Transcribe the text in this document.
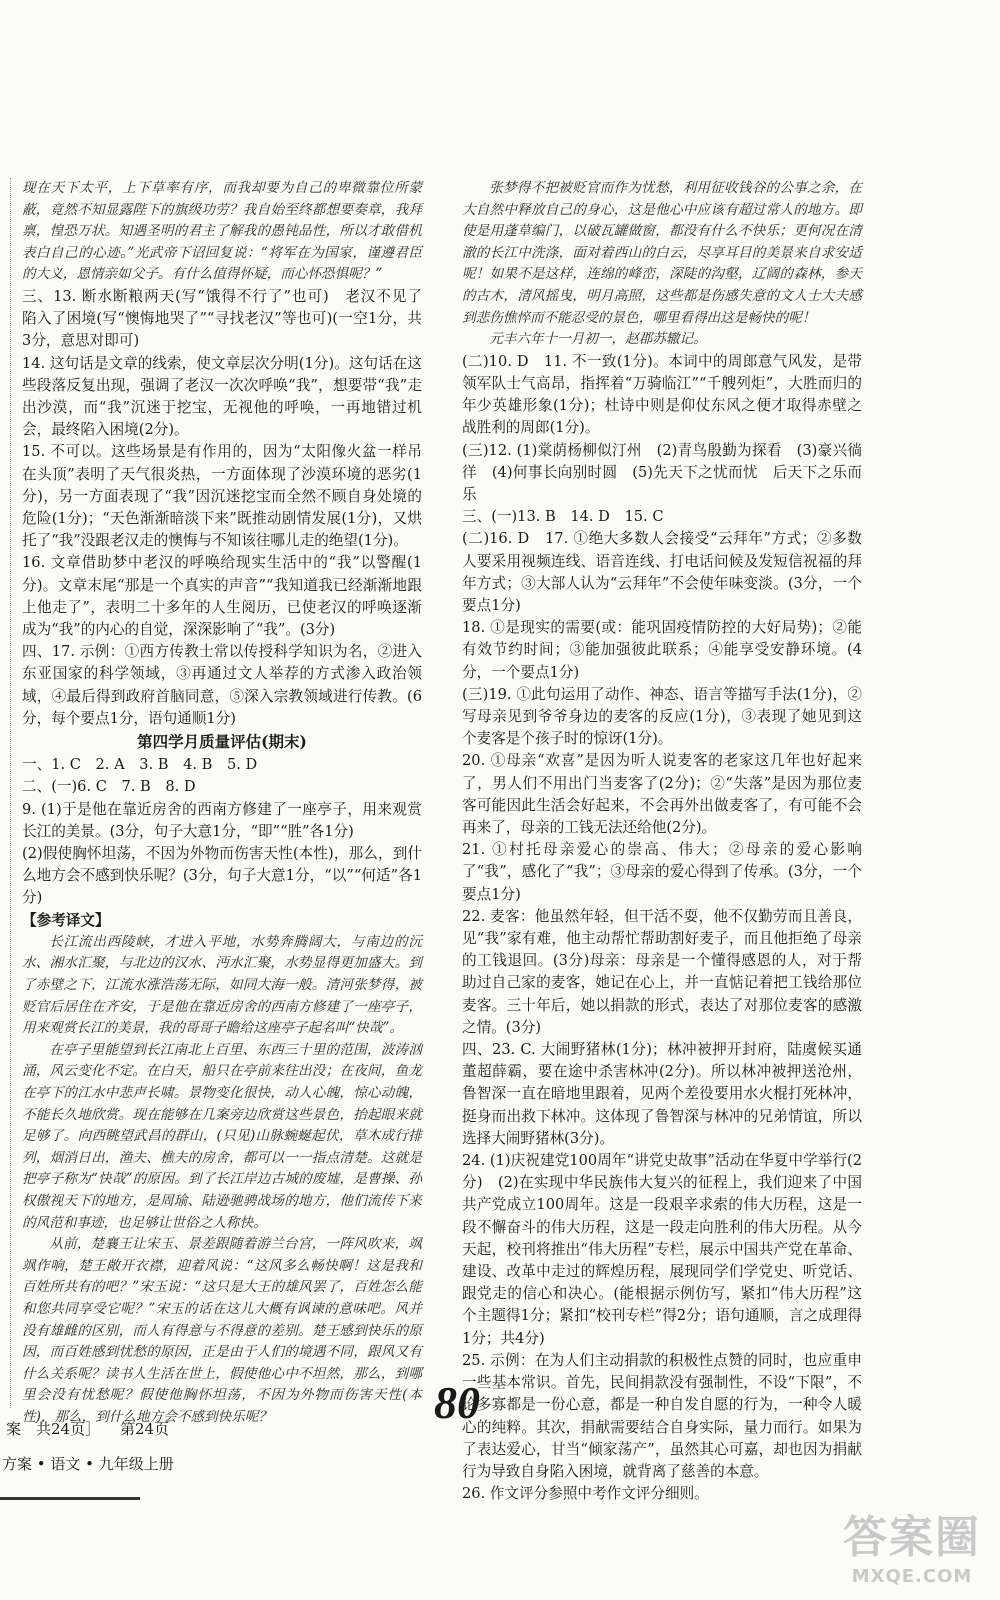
现在天下太平，上下草率有序，而我却要为自己的卑微靠位所蒙蔽，竟然不知显露陛下的旗级功劳？我自始至终都想要奏章，我拜禀，惶恐万状。知遇圣明的君主了解我的愚钝品性，所以才敢借机表白自己的心迹。”光武帝下诏回复说：“将军在为国家，谨遵君臣的大义，恩情亲如父子。有什么值得怀疑，而心怀恐惧呢？”

三、13. 断水断粮两天(写“饿得不行了”也可)　老汉不见了　陷入了困境(写“懊悔地哭了”“寻找老汉”等也可)(一空1分，共3分，意思对即可)

14. 这句话是文章的线索，使文章层次分明(1分)。这句话在这些段落反复出现，强调了老汉一次次呼唤“我”，想要带“我”走出沙漠，而“我”沉迷于挖宝，无视他的呼唤，一再地错过机会，最终陷入困境(2分)。

15. 不可以。这些场景是有作用的，因为“太阳像火盆一样吊在头顶”表明了天气很炎热，一方面体现了沙漠环境的恶劣(1分)，另一方面表现了“我”因沉迷挖宝而全然不顾自身处境的危险(1分)；“天色渐渐暗淡下来”既推动剧情发展(1分)，又烘托了“我”没跟老汉走的懊悔与不知该往哪儿走的绝望(1分)。

16. 文章借助梦中老汉的呼唤给现实生活中的“我”以警醒(1分)。文章末尾“那是一个真实的声音”“我知道我已经渐渐地跟上他走了”，表明二十多年的人生阅历，已使老汉的呼唤逐渐成为“我”的内心的自觉，深深影响了“我”。(3分)

四、17. 示例：①西方传教士常以传授科学知识为名，②进入东亚国家的科学领域，③再通过文人举荐的方式渗入政治领域，④最后得到政府首脑同意，⑤深入宗教领域进行传教。(6分，每个要点1分，语句通顺1分)

第四学月质量评估(期末)

一、1. C　2. A　3. B　4. B　5. D

二、(一)6. C　7. B　8. D

9. (1)于是他在靠近房舍的西南方修建了一座亭子，用来观赏长江的美景。(3分，句子大意1分，“即”“胜”各1分)

(2)假使胸怀坦荡，不因为外物而伤害天性(本性)，那么，到什么地方会不感到快乐呢？(3分，句子大意1分，“以”“何适”各1分)

【参考译文】

长江流出西陵峡，才进入平地，水势奔腾阔大，与南边的沅水、湘水汇聚，与北边的汉水、沔水汇聚，水势显得更加盛大。到了赤壁之下，江流水涨浩荡无际，如同大海一般。清河张梦得，被贬官后居住在齐安，于是他在靠近房舍的西南方修建了一座亭子，用来观赏长江的美景，我的哥哥子瞻给这座亭子起名叫“快哉”。

在亭子里能望到长江南北上百里、东西三十里的范围，波涛汹涌，风云变化不定。在白天，船只在亭前来往出没；在夜间，鱼龙在亭下的江水中悲声长啸。景物变化很快，动人心魄，惊心动魄，不能长久地欣赏。现在能够在几案旁边欣赏这些景色，抬起眼来就足够了。向西眺望武昌的群山，(只见)山脉蜿蜒起伏，草木成行排列，烟消日出，渔夫、樵夫的房舍，都可以一一指点清楚。这就是把亭子称为“快哉”的原因。到了长江岸边古城的废墟，是曹操、孙权傲视天下的地方，是周瑜、陆逊驰骋战场的地方，他们流传下来的风范和事迹，也足够让世俗之人称快。

从前，楚襄王让宋玉、景差跟随着游兰台宫，一阵风吹来，飒飒作响，楚王敞开衣襟，迎着风说：“这风多么畅快啊！这是我和百姓所共有的吧？”宋玉说：“这只是大王的雄风罢了，百姓怎么能和您共同享受它呢？”宋玉的话在这儿大概有讽谏的意味吧。风并没有雄雌的区别，而人有得意与不得意的差别。楚王感到快乐的原因，而百姓感到忧愁的原因，正是由于人们的境遇不同，跟风又有什么关系呢？读书人生活在世上，假使他心中不坦然，那么，到哪里会没有忧愁呢？假使他胸怀坦荡，不因为外物而伤害天性(本性)，那么，到什么地方会不感到快乐呢？

张梦得不把被贬官而作为忧愁，利用征收钱谷的公事之余，在大自然中释放自己的身心，这是他心中应该有超过常人的地方。即使是用蓬草编门，以破瓦罐做窗，都没有什么不快乐；更何况在清澈的长江中洗涤，面对着西山的白云，尽享耳目的美景来自求安适呢！如果不是这样，连绵的峰峦，深陡的沟壑，辽阔的森林，参天的古木，清风摇曳，明月高照，这些都是伤感失意的文人士大夫感到悲伤憔悴而不能忍受的景色，哪里看得出这是畅快的呢！

元丰六年十一月初一，赵郡苏辙记。

(二)10. D　11. 不一致(1分)。本词中的周郎意气风发，是带领军队士气高昂，指挥着“万骑临江”“千艘列炬”，大胜而归的年少英雄形象(1分)；杜诗中则是仰仗东风之便才取得赤壁之战胜利的周郎(1分)。

(三)12. (1)棠荫杨柳似汀州　(2)青鸟殷勤为探看　(3)豪兴徜徉　(4)何事长向别时圆　(5)先天下之忧而忧　后天下之乐而乐

三、(一)13. B　14. D　15. C

(二)16. D　17. ①绝大多数人会接受“云拜年”方式；②多数人要采用视频连线、语音连线、打电话问候及发短信祝福的拜年方式；③大部人认为“云拜年”不会使年味变淡。(3分，一个要点1分)

18. ①是现实的需要(或：能巩固疫情防控的大好局势)；②能有效节约时间；③能加强彼此联系；④能享受安静环境。(4分，一个要点1分)

(三)19. ①此句运用了动作、神态、语言等描写手法(1分)，②写母亲见到爷爷身边的麦客的反应(1分)，③表现了她见到这个麦客是个孩子时的惊讶(1分)。

20. ①母亲“欢喜”是因为听人说麦客的老家这几年也好起来了，男人们不用出门当麦客了(2分)；②“失落”是因为那位麦客可能因此生活会好起来，不会再外出做麦客了，有可能不会再来了，母亲的工钱无法还给他(2分)。

21. ①村托母亲爱心的崇高、伟大；②母亲的爱心影响了“我”，感化了“我”；③母亲的爱心得到了传承。(3分，一个要点1分)

22. 麦客：他虽然年轻，但干活不耍，他不仅勤劳而且善良，见“我”家有难，他主动帮忙帮助割好麦子，而且他拒绝了母亲的工钱退回。(3分)母亲：母亲是一个懂得感恩的人，对于帮助过自己家的麦客，她记在心上，并一直惦记着把工钱给那位麦客。三十年后，她以捐款的形式，表达了对那位麦客的感激之情。(3分)

四、23. C. 大闹野猪林(1分)；林冲被押开封府，陆虞候买通董超薛霸，要在途中杀害林冲(2分)。所以林冲被押送沧州，鲁智深一直在暗地里跟着，见两个差役要用水火棍打死林冲，挺身而出救下林冲。这体现了鲁智深与林冲的兄弟情谊，所以选择大闹野猪林(3分)。

24. (1)庆祝建党100周年“讲党史故事”活动在华夏中学举行(2分)　(2)在实现中华民族伟大复兴的征程上，我们迎来了中国共产党成立100周年。这是一段艰辛求索的伟大历程，这是一段不懈奋斗的伟大历程，这是一段走向胜利的伟大历程。从今天起，校刊将推出“伟大历程”专栏，展示中国共产党在革命、建设、改革中走过的辉煌历程，展现同学们学党史、听党话、跟党走的信心和决心。(能根据示例仿写，紧扣“伟大历程”这个主题得1分；紧扣“校刊专栏”得2分；语句通顺，言之成理得1分；共4分)

25. 示例：在为人们主动捐款的积极性点赞的同时，也应重申一些基本常识。首先，民间捐款没有强制性，不设“下限”，不论多寡都是一份心意，都是一种自发自愿的行为，一种令人暖心的纯粹。其次，捐献需要结合自身实际，量力而行。如果为了表达爱心，甘当“倾家荡产”，虽然其心可嘉，却也因为捐献行为导致自身陷入困境，就背离了慈善的本意。

26. 作文评分参照中考作文评分细则。

案　共24页］ 第24页
方案 • 语文 • 九年级上册
80
答案圈
MXQE.COM
